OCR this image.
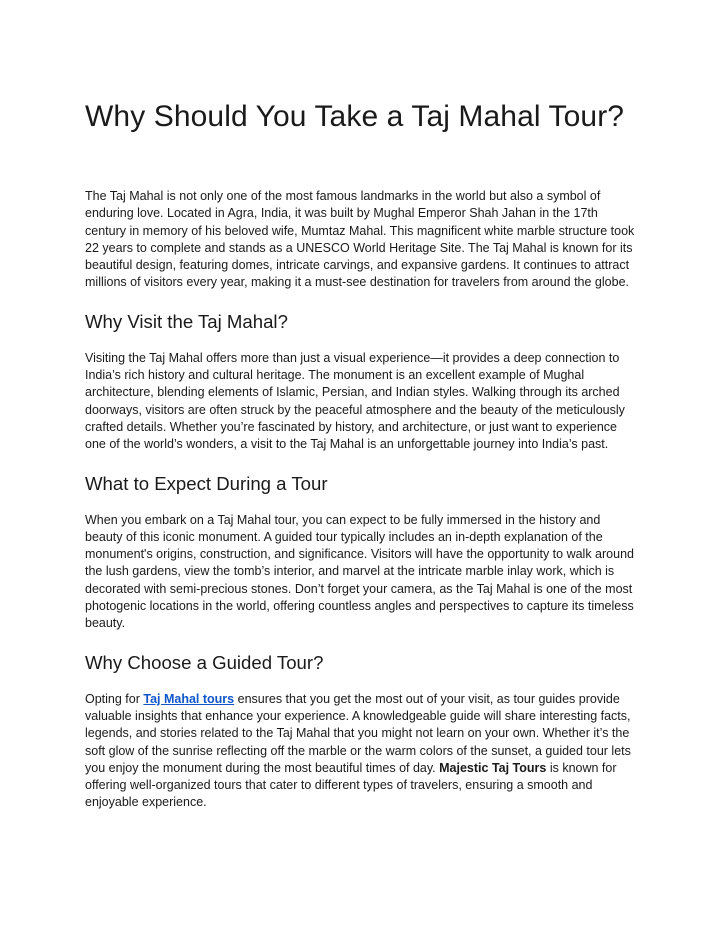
Why Should You Take a Taj Mahal Tour?

The Taj Mahal is not only one of the most famous landmarks in the world but also a symbol of enduring love. Located in Agra, India, it was built by Mughal Emperor Shah Jahan in the 17th century in memory of his beloved wife, Mumtaz Mahal. This magnificent white marble structure took 22 years to complete and stands as a UNESCO World Heritage Site. The Taj Mahal is known for its beautiful design, featuring domes, intricate carvings, and expansive gardens. It continues to attract millions of visitors every year, making it a must-see destination for travelers from around the globe.

Why Visit the Taj Mahal?

Visiting the Taj Mahal offers more than just a visual experience—it provides a deep connection to India’s rich history and cultural heritage. The monument is an excellent example of Mughal architecture, blending elements of Islamic, Persian, and Indian styles. Walking through its arched doorways, visitors are often struck by the peaceful atmosphere and the beauty of the meticulously crafted details. Whether you’re fascinated by history, and architecture, or just want to experience one of the world’s wonders, a visit to the Taj Mahal is an unforgettable journey into India’s past.

What to Expect During a Tour

When you embark on a Taj Mahal tour, you can expect to be fully immersed in the history and beauty of this iconic monument. A guided tour typically includes an in-depth explanation of the monument's origins, construction, and significance. Visitors will have the opportunity to walk around the lush gardens, view the tomb’s interior, and marvel at the intricate marble inlay work, which is decorated with semi-precious stones. Don’t forget your camera, as the Taj Mahal is one of the most photogenic locations in the world, offering countless angles and perspectives to capture its timeless beauty.

Why Choose a Guided Tour?

Opting for Taj Mahal tours ensures that you get the most out of your visit, as tour guides provide valuable insights that enhance your experience. A knowledgeable guide will share interesting facts, legends, and stories related to the Taj Mahal that you might not learn on your own. Whether it’s the soft glow of the sunrise reflecting off the marble or the warm colors of the sunset, a guided tour lets you enjoy the monument during the most beautiful times of day. Majestic Taj Tours is known for offering well-organized tours that cater to different types of travelers, ensuring a smooth and enjoyable experience.
